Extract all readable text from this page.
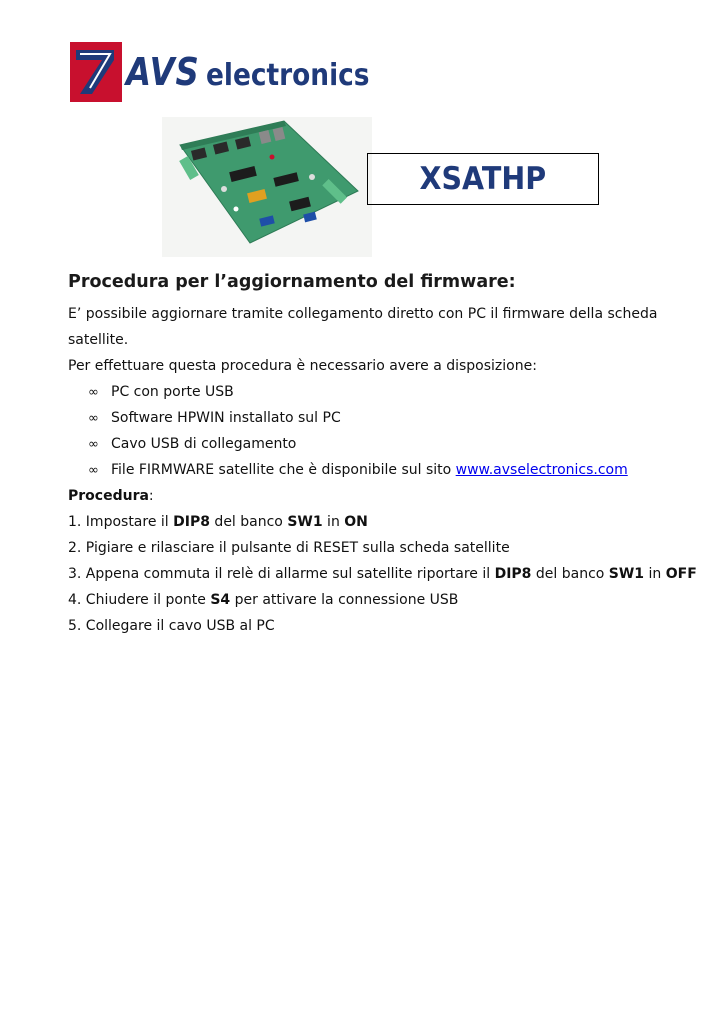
AVS electronics
XSATHP
Procedura per l’aggiornamento del firmware:
E’ possibile aggiornare tramite collegamento diretto con PC il firmware della scheda
satellite.
Per effettuare questa procedura è necessario avere a disposizione:
∞ PC con porte USB
∞ Software HPWIN installato sul PC
∞ Cavo USB di collegamento
∞ File FIRMWARE satellite che è disponibile sul sito www.avselectronics.com
Procedura:
1. Impostare il DIP8 del banco SW1 in ON
2. Pigiare e rilasciare il pulsante di RESET sulla scheda satellite
3. Appena commuta il relè di allarme sul satellite riportare il DIP8 del banco SW1 in OFF
4. Chiudere il ponte S4 per attivare la connessione USB
5. Collegare il cavo USB al PC
